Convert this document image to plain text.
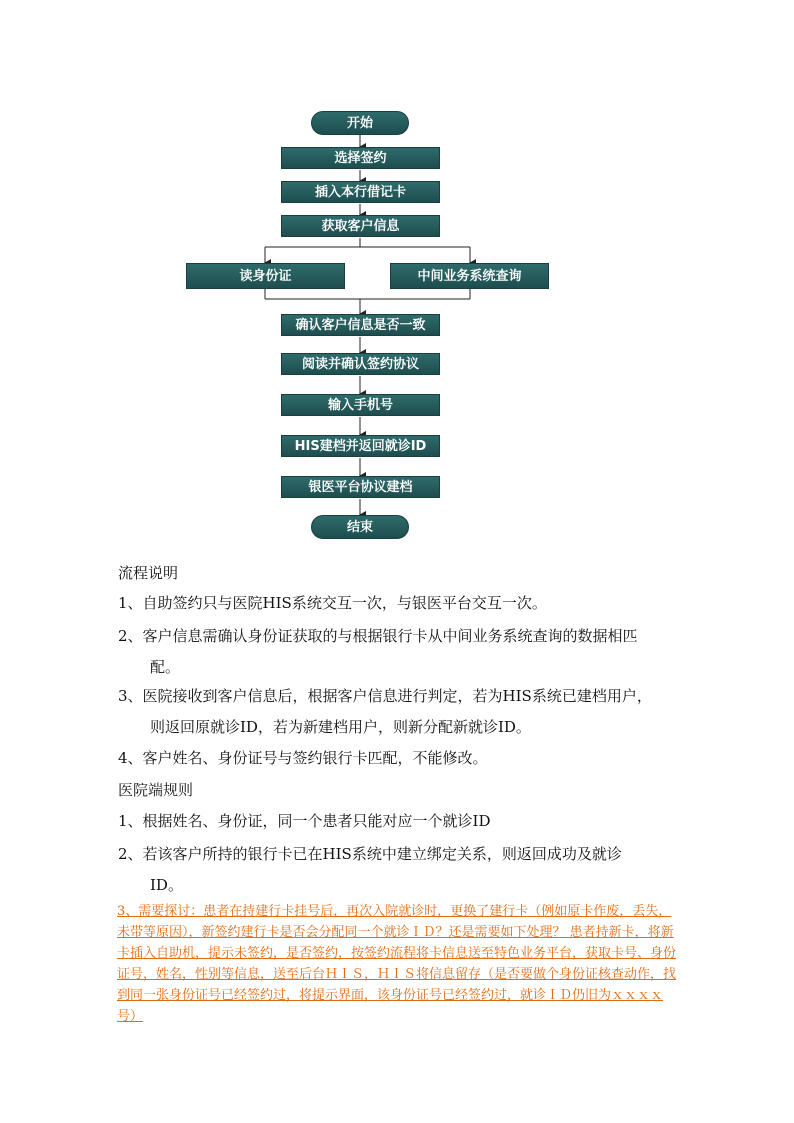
开始
选择签约
插入本行借记卡
获取客户信息
读身份证	中间业务系统查询
确认客户信息是否一致
阅读并确认签约协议
输入手机号
HIS建档并返回就诊ID
银医平台协议建档
结束
流程说明
1、自助签约只与医院HIS系统交互一次，与银医平台交互一次。
2、客户信息需确认身份证获取的与根据银行卡从中间业务系统查询的数据相匹
配。
3、医院接收到客户信息后，根据客户信息进行判定，若为HIS系统已建档用户，
则返回原就诊ID，若为新建档用户，则新分配新就诊ID。
4、客户姓名、身份证号与签约银行卡匹配，不能修改。
医院端规则
1、根据姓名、身份证，同一个患者只能对应一个就诊ID
2、若该客户所持的银行卡已在HIS系统中建立绑定关系，则返回成功及就诊
ID。
3、需要探讨：患者在持建行卡挂号后，再次入院就诊时，更换了建行卡（例如原卡作废，丢失，未带等原因），新签约建行卡是否会分配同一个就诊ＩＤ？还是需要如下处理？ 患者持新卡，将新卡插入自助机，提示未签约，是否签约，按签约流程将卡信息送至特色业务平台，获取卡号、身份证号，姓名，性别等信息，送至后台ＨＩＳ，ＨＩＳ将信息留存（是否要做个身份证核查动作，找到同一张身份证号已经签约过，将提示界面，该身份证号已经签约过，就诊ＩＤ仍旧为ｘｘｘｘ号）
